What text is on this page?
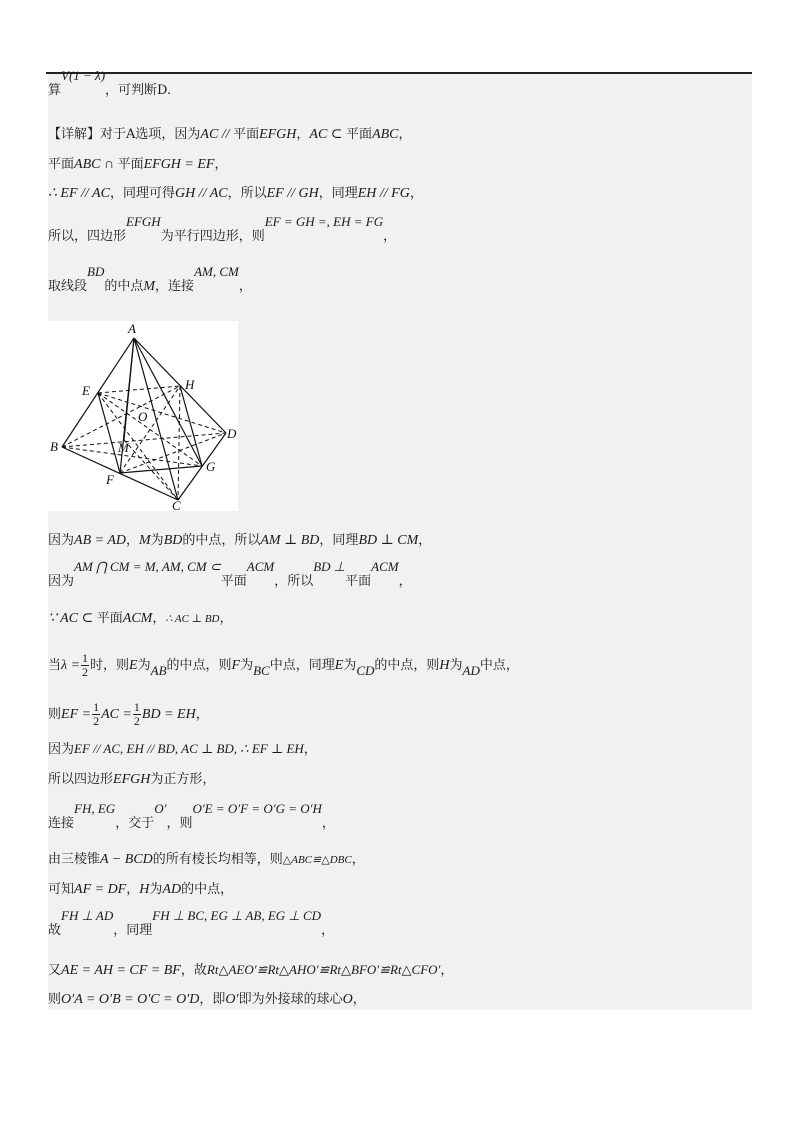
算V(1 − λ)，可判断D.
【详解】对于A选项，因为AC // 平面EFGH，AC ⊂ 平面ABC，
平面ABC ∩ 平面EFGH = EF，
∴ EF // AC，同理可得GH // AC，所以EF // GH，同理EH // FG，
所以，四边形EFGH为平行四边形，则EF = GH =, EH = FG，
取线段BD的中点M，连接AM, CM，
A
B
C
D
E
F
G
H
O
M
因为AB = AD，M为BD的中点，所以AM ⊥ BD，同理BD ⊥ CM，
因为AM ⋂ CM = M, AM, CM ⊂平面ACM，所以BD ⊥平面ACM，
∵ AC ⊂ 平面ACM，∴ AC ⊥ BD，
当$\lambda = \frac{1}{2}$ 时，则E为AB的中点，则F为BC中点，同理E为CD的中点，则H为AD中点，
则EF = $\frac{1}{2}$ AC = $\frac{1}{2}$ BD = EH，
因为EF // AC, EH // BD, AC ⊥ BD, ∴ EF ⊥ EH，
所以四边形EFGH为正方形，
连接FH, EG，交于O′，则O′E = O′F = O′G = O′H，
由三棱锥A − BCD的所有棱长均相等，则△ABC≌△DBC，
可知AF = DF，H为AD的中点，
故FH ⊥ AD，同理FH ⊥ BC, EG ⊥ AB, EG ⊥ CD，
又AE = AH = CF = BF，故Rt△AEO′≌Rt△AHO′≌Rt△BFO′≌Rt△CFO′，
则O′A = O′B = O′C = O′D，即O′即为外接球的球心O，
